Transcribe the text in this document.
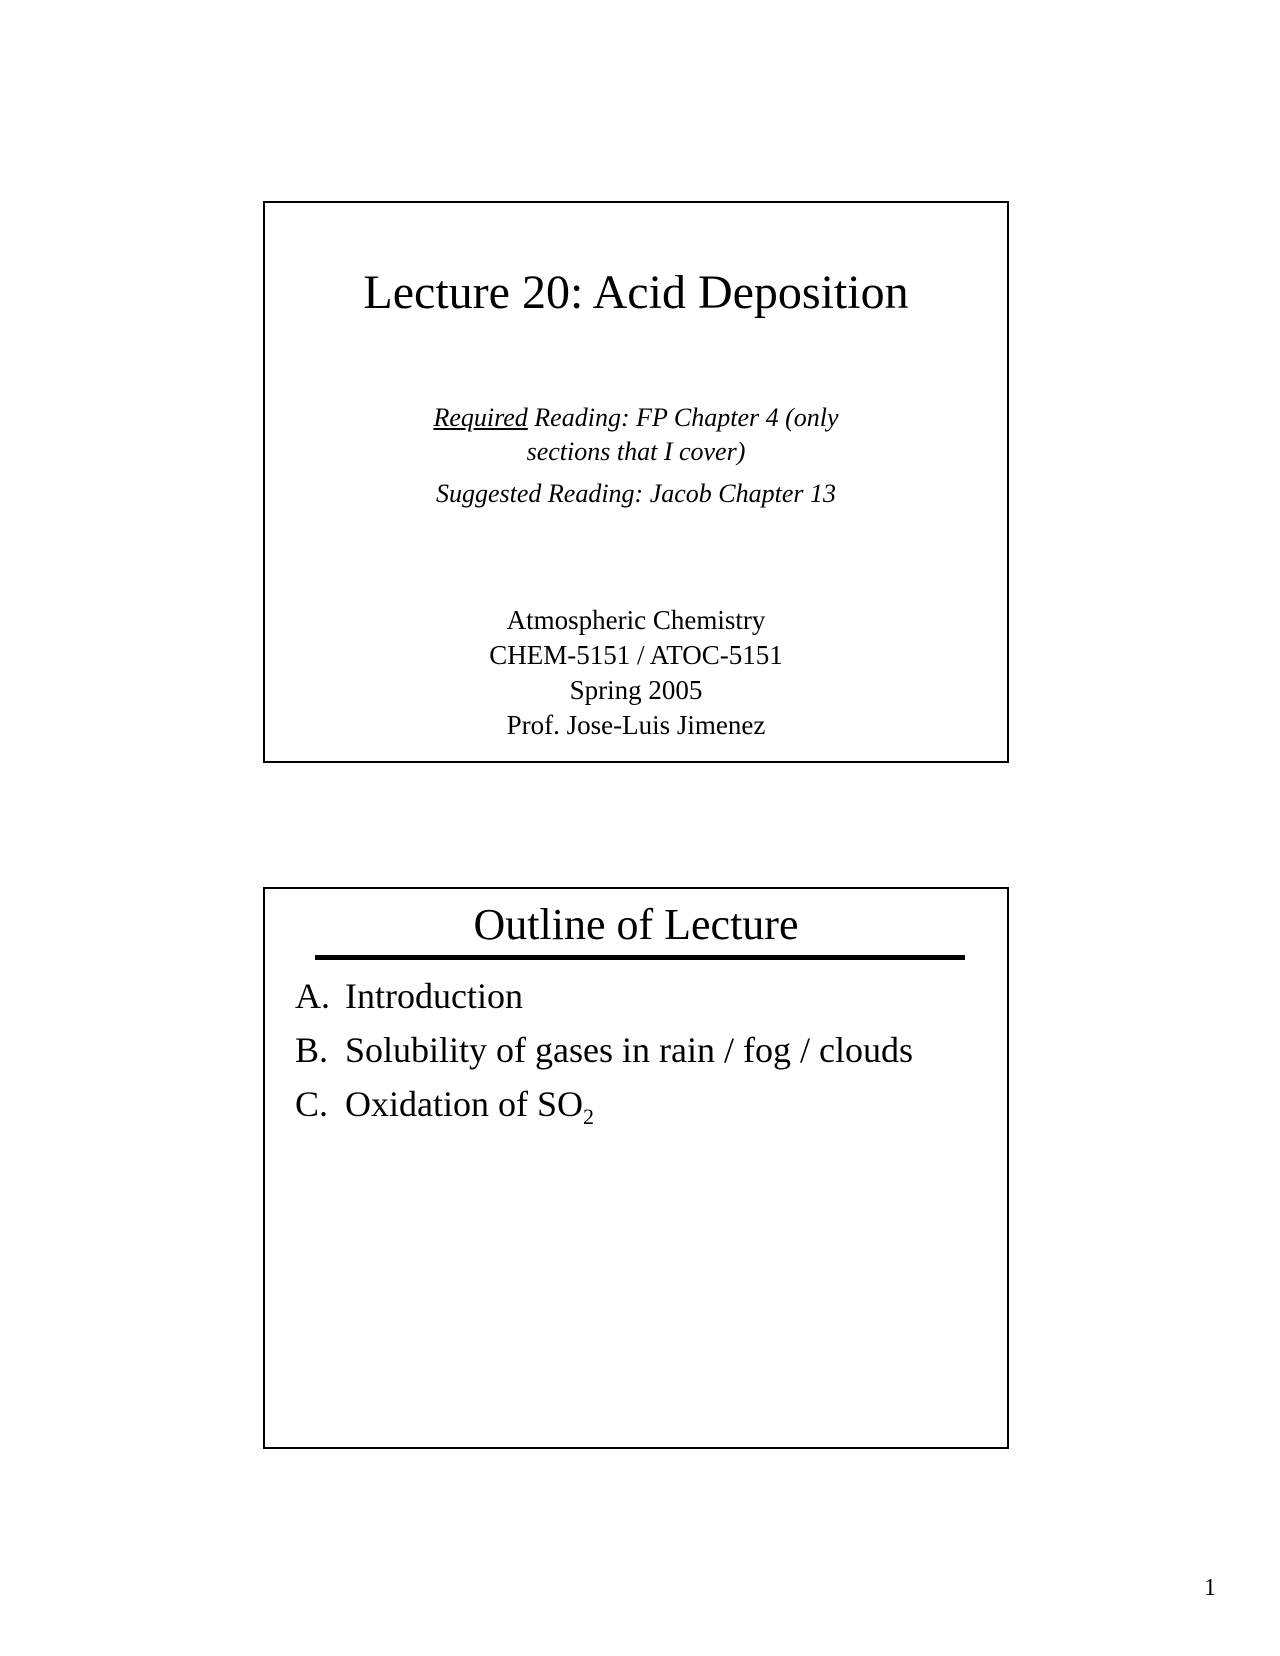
Lecture 20: Acid Deposition
Required Reading: FP Chapter 4 (only
sections that I cover)
Suggested Reading: Jacob Chapter 13
Atmospheric Chemistry
CHEM-5151 / ATOC-5151
Spring 2005
Prof. Jose-Luis Jimenez
Outline of Lecture
A. Introduction
B. Solubility of gases in rain / fog / clouds
C. Oxidation of $SO_2$
1
